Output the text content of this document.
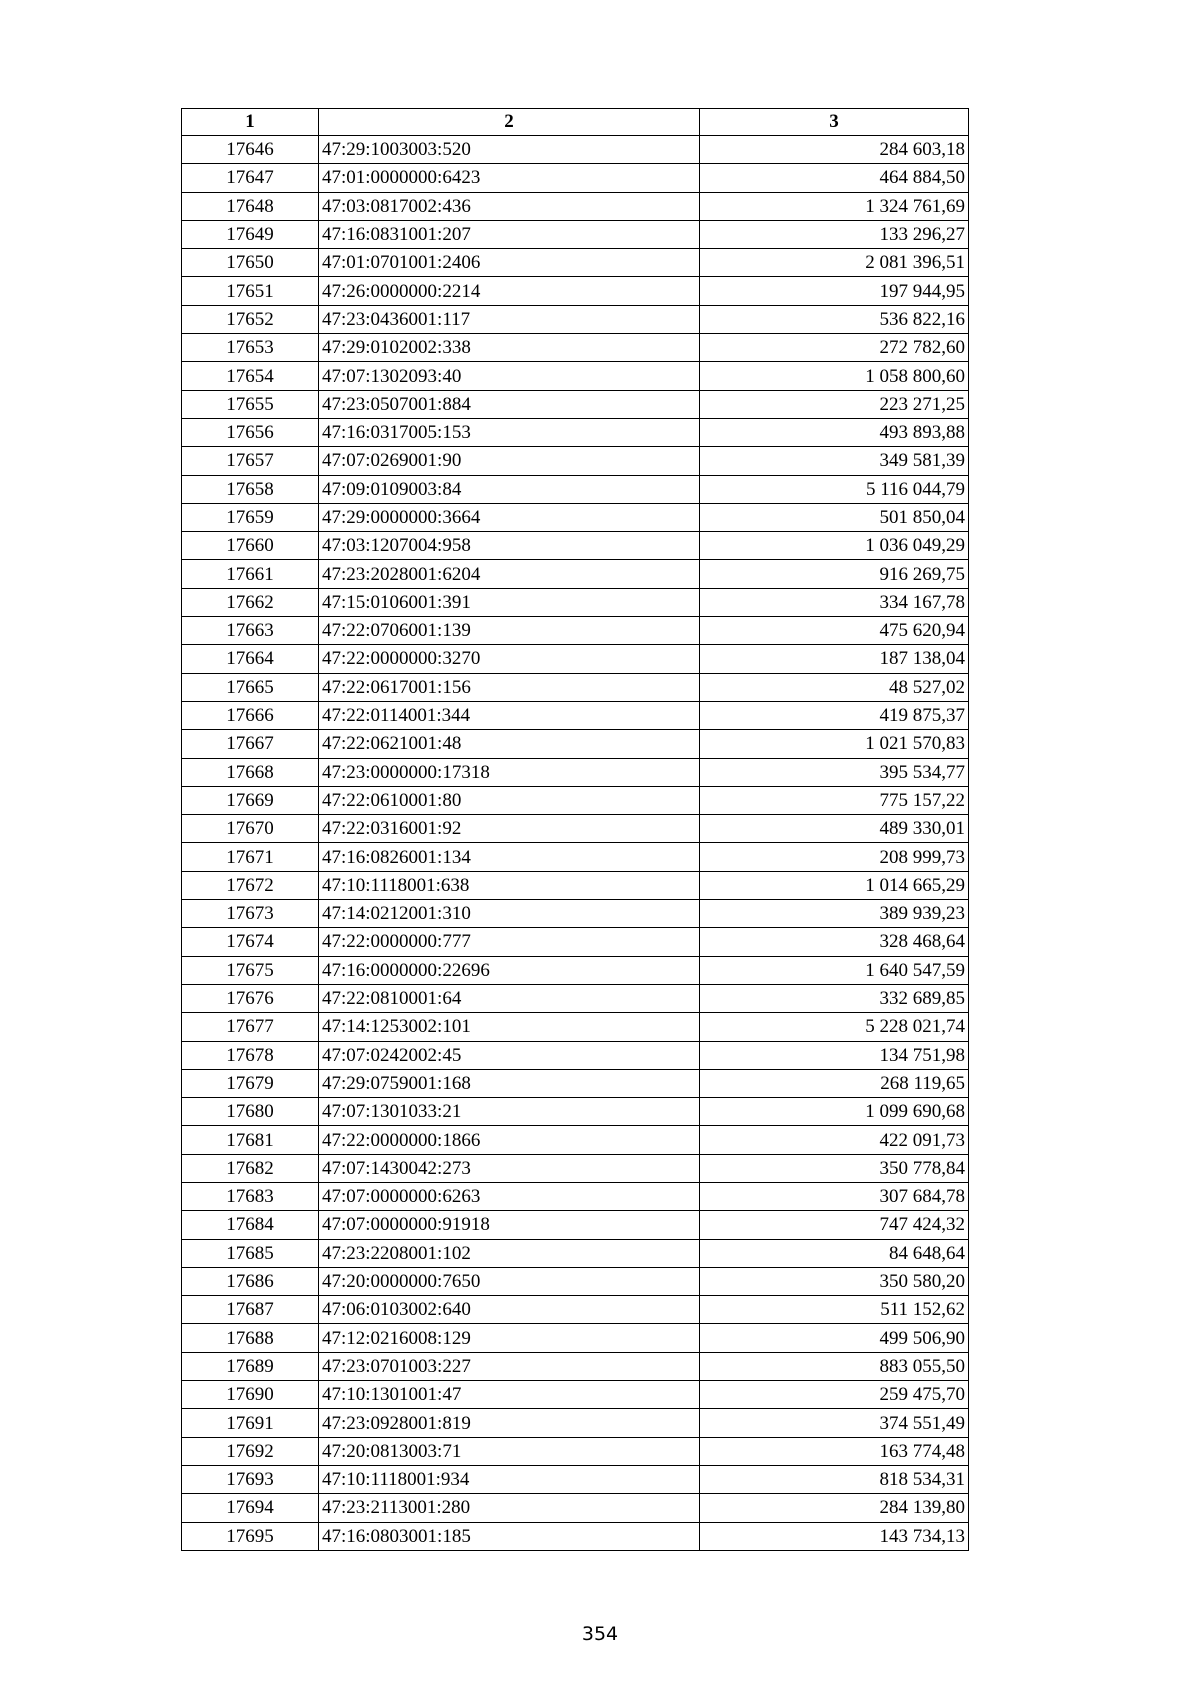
1	2	3
17646	47:29:1003003:520	284 603,18
17647	47:01:0000000:6423	464 884,50
17648	47:03:0817002:436	1 324 761,69
17649	47:16:0831001:207	133 296,27
17650	47:01:0701001:2406	2 081 396,51
17651	47:26:0000000:2214	197 944,95
17652	47:23:0436001:117	536 822,16
17653	47:29:0102002:338	272 782,60
17654	47:07:1302093:40	1 058 800,60
17655	47:23:0507001:884	223 271,25
17656	47:16:0317005:153	493 893,88
17657	47:07:0269001:90	349 581,39
17658	47:09:0109003:84	5 116 044,79
17659	47:29:0000000:3664	501 850,04
17660	47:03:1207004:958	1 036 049,29
17661	47:23:2028001:6204	916 269,75
17662	47:15:0106001:391	334 167,78
17663	47:22:0706001:139	475 620,94
17664	47:22:0000000:3270	187 138,04
17665	47:22:0617001:156	48 527,02
17666	47:22:0114001:344	419 875,37
17667	47:22:0621001:48	1 021 570,83
17668	47:23:0000000:17318	395 534,77
17669	47:22:0610001:80	775 157,22
17670	47:22:0316001:92	489 330,01
17671	47:16:0826001:134	208 999,73
17672	47:10:1118001:638	1 014 665,29
17673	47:14:0212001:310	389 939,23
17674	47:22:0000000:777	328 468,64
17675	47:16:0000000:22696	1 640 547,59
17676	47:22:0810001:64	332 689,85
17677	47:14:1253002:101	5 228 021,74
17678	47:07:0242002:45	134 751,98
17679	47:29:0759001:168	268 119,65
17680	47:07:1301033:21	1 099 690,68
17681	47:22:0000000:1866	422 091,73
17682	47:07:1430042:273	350 778,84
17683	47:07:0000000:6263	307 684,78
17684	47:07:0000000:91918	747 424,32
17685	47:23:2208001:102	84 648,64
17686	47:20:0000000:7650	350 580,20
17687	47:06:0103002:640	511 152,62
17688	47:12:0216008:129	499 506,90
17689	47:23:0701003:227	883 055,50
17690	47:10:1301001:47	259 475,70
17691	47:23:0928001:819	374 551,49
17692	47:20:0813003:71	163 774,48
17693	47:10:1118001:934	818 534,31
17694	47:23:2113001:280	284 139,80
17695	47:16:0803001:185	143 734,13
354
